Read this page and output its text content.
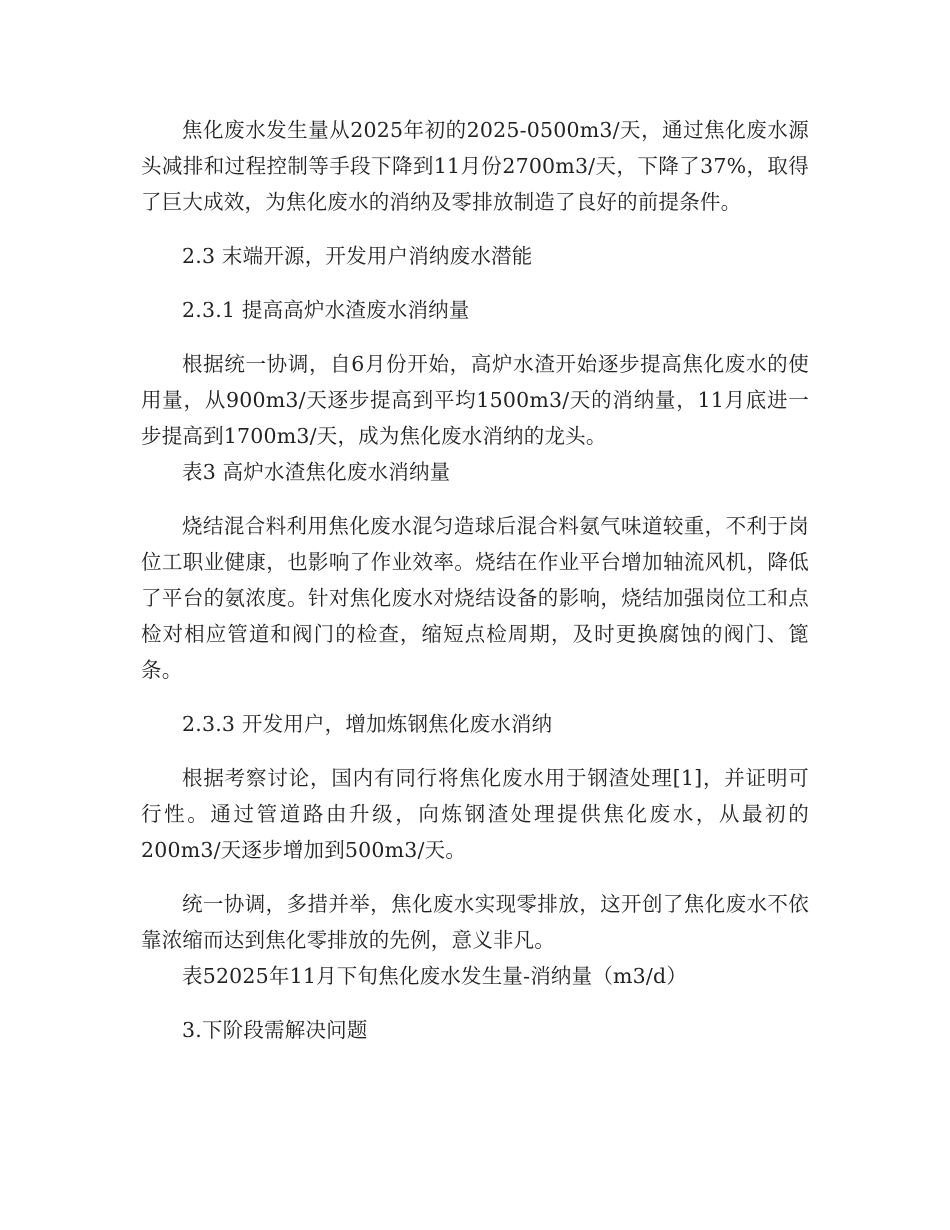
焦化废水发生量从2025年初的2025-0500m3/天，通过焦化废水源头减排和过程控制等手段下降到11月份2700m3/天，下降了37%，取得了巨大成效，为焦化废水的消纳及零排放制造了良好的前提条件。

2.3 末端开源，开发用户消纳废水潜能

2.3.1 提高高炉水渣废水消纳量

根据统一协调，自6月份开始，高炉水渣开始逐步提高焦化废水的使用量，从900m3/天逐步提高到平均1500m3/天的消纳量，11月底进一步提高到1700m3/天，成为焦化废水消纳的龙头。

表3 高炉水渣焦化废水消纳量

烧结混合料利用焦化废水混匀造球后混合料氨气味道较重，不利于岗位工职业健康，也影响了作业效率。烧结在作业平台增加轴流风机，降低了平台的氨浓度。针对焦化废水对烧结设备的影响，烧结加强岗位工和点检对相应管道和阀门的检查，缩短点检周期，及时更换腐蚀的阀门、篦条。

2.3.3 开发用户，增加炼钢焦化废水消纳

根据考察讨论，国内有同行将焦化废水用于钢渣处理[1]，并证明可行性。通过管道路由升级，向炼钢渣处理提供焦化废水，从最初的200m3/天逐步增加到500m3/天。

统一协调，多措并举，焦化废水实现零排放，这开创了焦化废水不依靠浓缩而达到焦化零排放的先例，意义非凡。

表52025年11月下旬焦化废水发生量-消纳量（m3/d）

3.下阶段需解决问题
